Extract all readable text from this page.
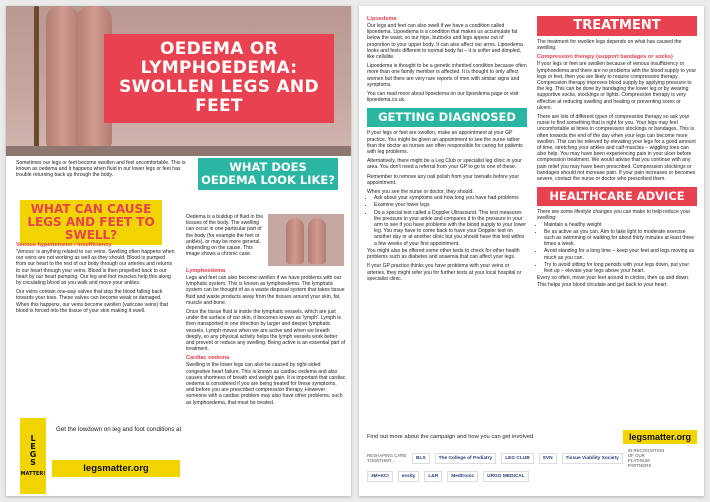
OEDEMA OR LYMPHOEDEMA: SWOLLEN LEGS AND FEET
Sometimes our legs or feet become swollen and feel uncomfortable. This is known as oedema and it happens when fluid in our lower legs or feet has trouble returning back up through the body.
WHAT CAN CAUSE LEGS AND FEET TO SWELL?
Venous hypertension / insufficiency

'Venous' is anything related to our veins. Swelling often happens when our veins are not working as well as they should. Blood is pumped from our heart to the rest of our body through our arteries and returns to our heart through your veins. Blood is then propelled back to our heart by our heart pumping. Our leg and foot muscles help this along by circulating blood as you walk and move your ankles.

Our veins contain one-way valves that stop the blood falling back towards your toes. These valves can become weak or damaged. When this happens, our veins become swollen (varicose veins) that blood is forced into the tissue of your skin making it swell.

WHAT DOES OEDEMA LOOK LIKE?
Oedema is a buildup of fluid in the tissues of the body. The swelling can occur in one particular part of the body (for example the feet or ankles), or may be more general, depending on the cause. This image shows a chronic case.
Lymphoedema

Legs and feet can also become swollen if we have problems with our lymphatic system. This is known as lymphoedema. The lymphatic system can be thought of as a waste disposal system that takes tissue fluid and waste products away from the tissues around your skin, fat, muscle and bone.

Once the tissue fluid is inside the lymphatic vessels, which are just under the surface of our skin, it becomes known as 'lymph'. Lymph is then transported in one direction by larger and deeper lymphatic vessels. Lymph moves when we are active and when we breath deeply, so any physical activity helps the lymph vessels work better and prevent or reduce any swelling. Being active is an essential part of treatment.

Cardiac oedema

Swelling in the lower legs can also be caused by right-sided congestive heart failure. This is known as cardiac oedema and also causes shortness of breath and weight gain. It is important that cardiac oedema is considered if you are being treated for these symptoms, and before you are prescribed compression therapy. However someone with a cardiac problem may also have other problems, such as lymphoedema, that must be treated.

L
E
G
S
MATTER!
Get the lowdown on leg and foot conditions at
legsmatter.org
Lipoedema

Our legs and feet can also swell if we have a condition called lipoedema. Lipoedema is a condition that makes us accumulate fat below the waist, so our hips, buttocks and legs appear out of proportion to your upper body. It can also affect our arms. Lipoedema looks and feels different to normal body fat – it is softer and dimpled, like cellulite.

Lipoedema is thought to be a genetic inherited condition because often more than one family member is affected. It is thought to only affect women but there are very rare reports of men with similar signs and symptoms.

You can read more about lipoedema on our lipoedema page or visit lipoedema.co.uk.

GETTING DIAGNOSED

If your legs or feet are swollen, make an appointment at your GP practice. You might be given an appointment to see the nurse rather than the doctor as nurses are often responsible for caring for patients with leg problems.

Alternatively, there might be a Leg Club or specialist leg clinic in your area. You don't need a referral from your GP to go to one of these.

Remember to remove any nail polish from your toenails before your appointment.

When you see the nurse or doctor, they should:

• Ask about your symptoms and how long you have had problems
• Examine your lower legs
• Do a special test called a Doppler Ultrasound. This test measures the pressure in your ankle and compares it to the pressure in your arm to see if you have problems with the blood supply to your lower leg. You may have to come back to have your Doppler test on another day or at another clinic but you should have this test within a few weeks of your first appointment.

You might also be offered some other tests to check for other health problems such as diabetes and anaemia that can affect your legs.

If your GP practice thinks you have problems with your veins or arteries, they might refer you for further tests at your local hospital or specialist clinic.

TREATMENT

The treatment for swollen legs depends on what has caused the swelling.

Compression therapy (support bandages or socks)

If your legs or feet are swollen because of venous insufficiency or lymphoedema and there are no problems with the blood supply to your legs or feet, then you are likely to require compression therapy. Compression therapy improves blood supply by applying pressure to the leg. This can be done by bandaging the lower leg or by wearing supportive socks, stockings or tights. Compression therapy is very effective at reducing swelling and healing or preventing sores or ulcers.

There are lots of different types of compression therapy so ask your nurse to find something that is right for you. Your legs may feel uncomfortable at times in compression stockings or bandages. This is often towards the end of the day when your legs can become more swollen. This can be relieved by elevating your legs for a good amount of time, stretching your ankles and calf muscles – wiggling toes can also help. You may have been experiencing pain in your ulcer before compression treatment. We would advise that you continue with any pain relief you may have been prescribed. Compression stockings or bandages should not increase pain. If your pain increases or becomes severe, contact the nurse or doctor who prescribed them.

HEALTHCARE ADVICE

There are some lifestyle changes you can make to help reduce your swelling:

• Maintain a healthy weight
• Be as active as you can. Aim to take light to moderate exercise such as swimming or walking for about thirty minutes at least three times a week.
• Avoid standing for a long time – keep your feet and legs moving as much as you can.
• Try to avoid sitting for long periods with your legs down, put your feet up – elevate your legs above your heart.

Every so often, move your feet around in circles, then up and down. This helps your blood circulate and get back to your heart.

Find out more about the campaign and how you can get involved	legsmatter.org
RESHAPING CARE TOGETHER...	BLS	The College of Podiatry	LEG CLUB	SVN	Tissue Viability Society
IN RECOGNITION OF OUR PLATINUM PARTNERS
3M+KCI	essity	L&R	Medtronic	URGO MEDICAL
